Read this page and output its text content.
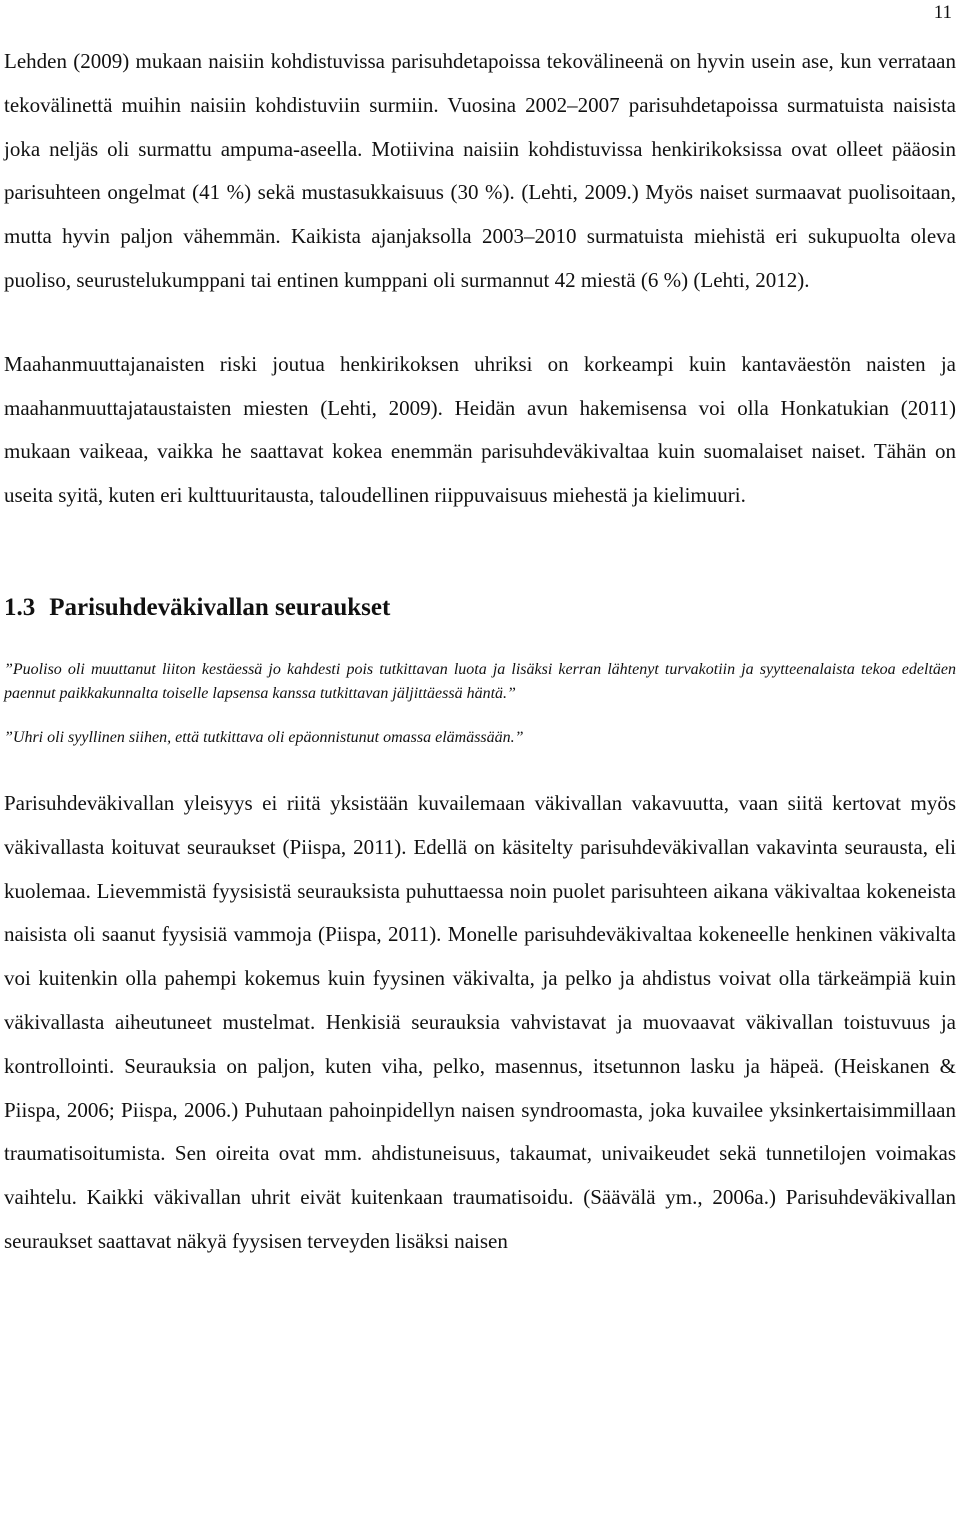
11

Lehden (2009) mukaan naisiin kohdistuvissa parisuhdetapoissa tekovälineenä on hyvin usein ase, kun verrataan tekovälinettä muihin naisiin kohdistuviin surmiin. Vuosina 2002–2007 parisuhdetapoissa surmatuista naisista joka neljäs oli surmattu ampuma-aseella. Motiivina naisiin kohdistuvissa henkirikoksissa ovat olleet pääosin parisuhteen ongelmat (41 %) sekä mustasukkaisuus (30 %). (Lehti, 2009.) Myös naiset surmaavat puolisoitaan, mutta hyvin paljon vähemmän. Kaikista ajanjaksolla 2003–2010 surmatuista miehistä eri sukupuolta oleva puoliso, seurustelukumppani tai entinen kumppani oli surmannut 42 miestä (6 %) (Lehti, 2012).

Maahanmuuttajanaisten riski joutua henkirikoksen uhriksi on korkeampi kuin kantaväestön naisten ja maahanmuuttajataustaisten miesten (Lehti, 2009). Heidän avun hakemisensa voi olla Honkatukian (2011) mukaan vaikeaa, vaikka he saattavat kokea enemmän parisuhdeväkivaltaa kuin suomalaiset naiset. Tähän on useita syitä, kuten eri kulttuuritausta, taloudellinen riippuvaisuus miehestä ja kielimuuri.

1.3 Parisuhdeväkivallan seuraukset
”Puoliso oli muuttanut liiton kestäessä jo kahdesti pois tutkittavan luota ja lisäksi kerran lähtenyt turvakotiin ja syytteenalaista tekoa edeltäen paennut paikkakunnalta toiselle lapsensa kanssa tutkittavan jäljittäessä häntä.”
”Uhri oli syyllinen siihen, että tutkittava oli epäonnistunut omassa elämässään.”

Parisuhdeväkivallan yleisyys ei riitä yksistään kuvailemaan väkivallan vakavuutta, vaan siitä kertovat myös väkivallasta koituvat seuraukset (Piispa, 2011). Edellä on käsitelty parisuhdeväkivallan vakavinta seurausta, eli kuolemaa. Lievemmistä fyysisistä seurauksista puhuttaessa noin puolet parisuhteen aikana väkivaltaa kokeneista naisista oli saanut fyysisiä vammoja (Piispa, 2011). Monelle parisuhdeväkivaltaa kokeneelle henkinen väkivalta voi kuitenkin olla pahempi kokemus kuin fyysinen väkivalta, ja pelko ja ahdistus voivat olla tärkeämpiä kuin väkivallasta aiheutuneet mustelmat. Henkisiä seurauksia vahvistavat ja muovaavat väkivallan toistuvuus ja kontrollointi. Seurauksia on paljon, kuten viha, pelko, masennus, itsetunnon lasku ja häpeä. (Heiskanen & Piispa, 2006; Piispa, 2006.) Puhutaan pahoinpidellyn naisen syndroomasta, joka kuvailee yksinkertaisimmillaan traumatisoitumista. Sen oireita ovat mm. ahdistuneisuus, takaumat, univaikeudet sekä tunnetilojen voimakas vaihtelu. Kaikki väkivallan uhrit eivät kuitenkaan traumatisoidu. (Säävälä ym., 2006a.) Parisuhdeväkivallan seuraukset saattavat näkyä fyysisen terveyden lisäksi naisen
